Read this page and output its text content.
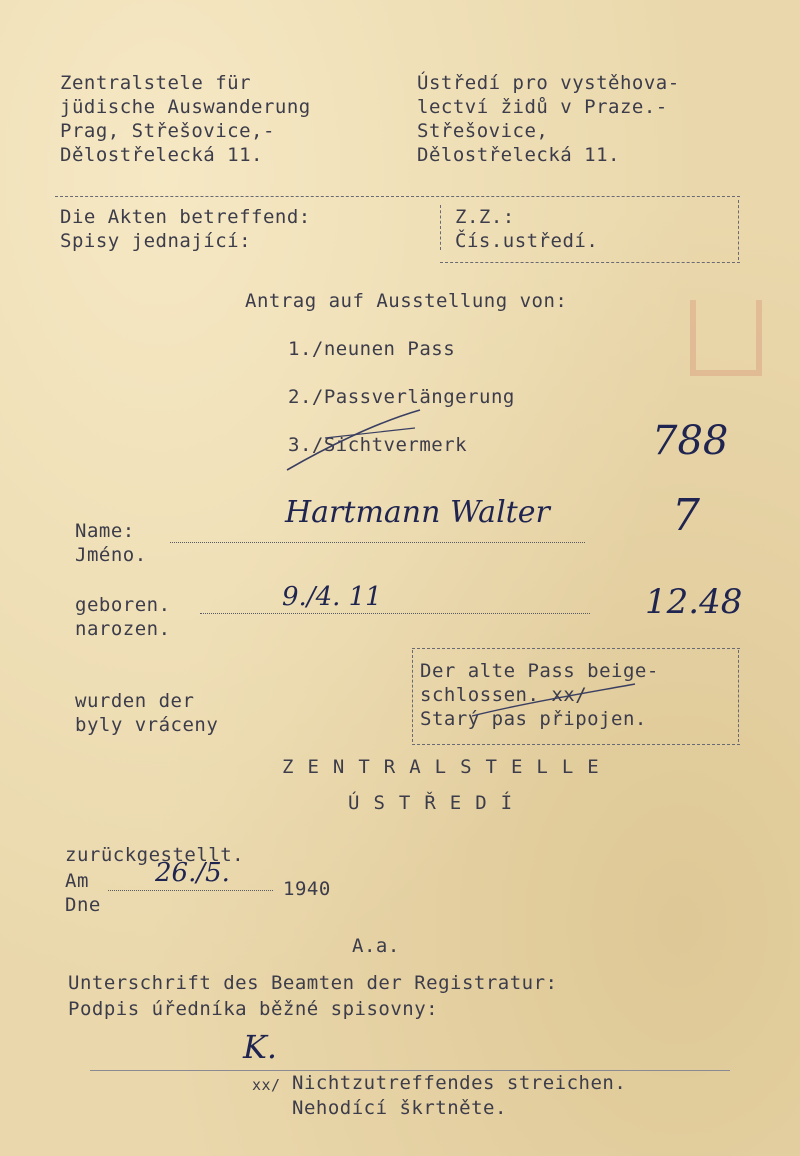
Zentralstele für
jüdische Auswanderung
Prag, Střešovice,-
Dělostřelecká 11.
Ústředí pro vystěhova-
lectví židů v Praze.-
Střešovice,
Dělostřelecká 11.
Die Akten betreffend:
Spisy jednající:
Z.Z.:
Čís.ustředí.
Antrag auf Ausstellung von:
1./neunen Pass
2./Passverlängerung
3./Sichtvermerk	788
Name:
Jméno.
Hartmann Walter	7
geboren.
narozen.
9./4. 11	12.48
wurden der
byly vráceny
Der alte Pass beige-
schlossen. xx/
Starý pas připojen.
ZENTRALSTELLE
ÚSTŘEDÍ
zurückgestellt.
Am
Dne
26./5.
1940
A.a.
Unterschrift des Beamten der Registratur:
Podpis úředníka běžné spisovny:
K.
xx/ Nichtzutreffendes streichen.
Nehodící škrtněte.
